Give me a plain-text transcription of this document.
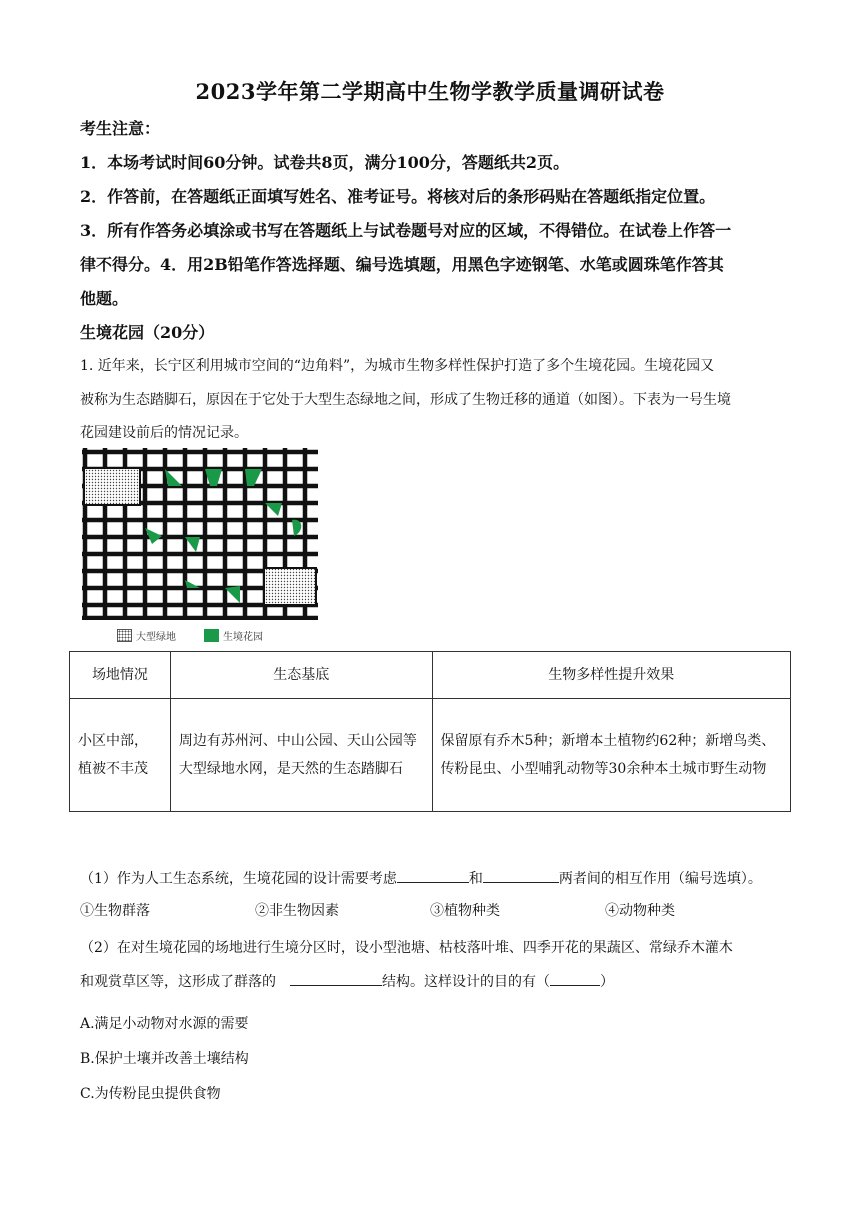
2023学年第二学期高中生物学教学质量调研试卷
考生注意：
1．本场考试时间60分钟。试卷共8页，满分100分，答题纸共2页。
2．作答前，在答题纸正面填写姓名、准考证号。将核对后的条形码贴在答题纸指定位置。
3．所有作答务必填涂或书写在答题纸上与试卷题号对应的区域，不得错位。在试卷上作答一
律不得分。4．用2B铅笔作答选择题、编号选填题，用黑色字迹钢笔、水笔或圆珠笔作答其
他题。
生境花园（20分）
1. 近年来，长宁区利用城市空间的“边角料”，为城市生物多样性保护打造了多个生境花园。生境花园又
被称为生态踏脚石，原因在于它处于大型生态绿地之间，形成了生物迁移的通道（如图）。下表为一号生境
花园建设前后的情况记录。
大型绿地	生境花园
场地情况	生态基底	生物多样性提升效果
小区中部，植被不丰茂	周边有苏州河、中山公园、天山公园等大型绿地水网，是天然的生态踏脚石	保留原有乔木5种；新增本土植物约62种；新增鸟类、传粉昆虫、小型哺乳动物等30余种本土城市野生动物
（1）作为人工生态系统，生境花园的设计需要考虑	和	两者间的相互作用（编号选填）。
①生物群落	②非生物因素	③植物种类	④动物种类
（2）在对生境花园的场地进行生境分区时，设小型池塘、枯枝落叶堆、四季开花的果蔬区、常绿乔木灌木
和观赏草区等，这形成了群落的	结构。这样设计的目的有（	）
A.满足小动物对水源的需要
B.保护土壤并改善土壤结构
C.为传粉昆虫提供食物
